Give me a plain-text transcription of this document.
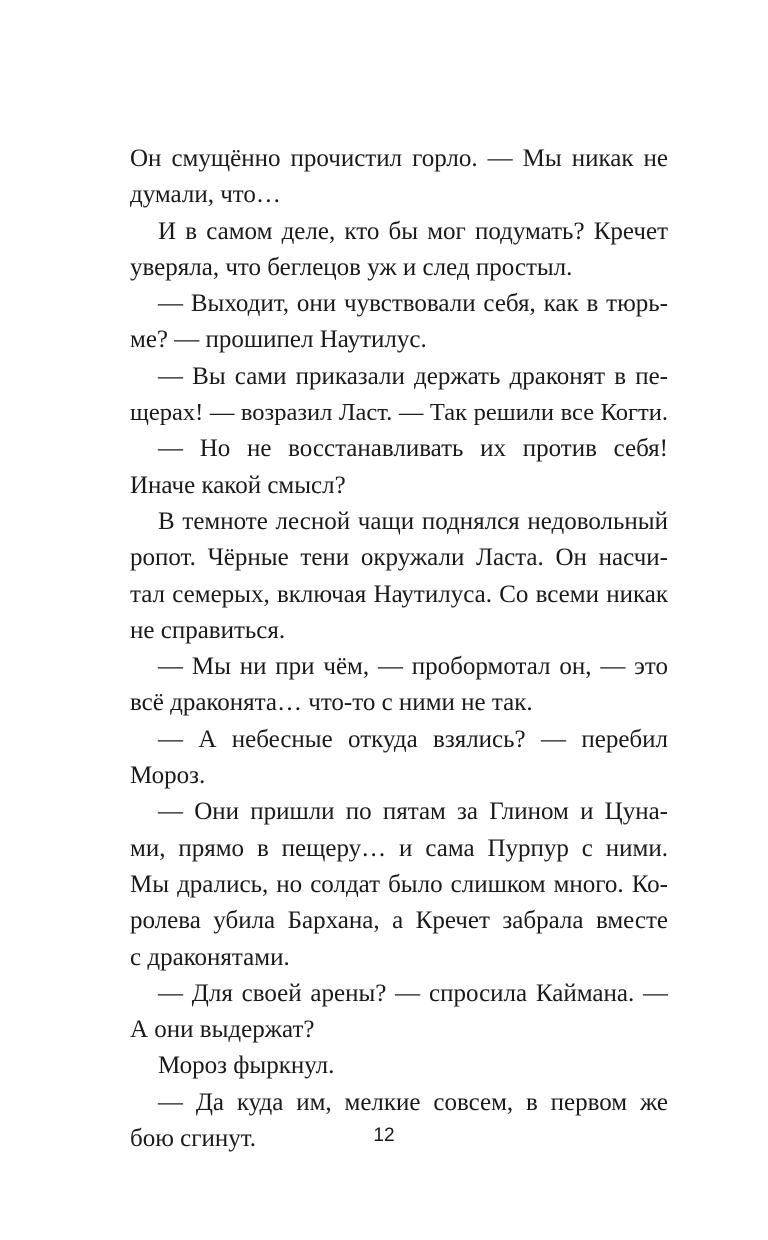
Он смущённо прочистил горло. — Мы никак не
думали, что…
И в самом деле, кто бы мог подумать? Кречет
уверяла, что беглецов уж и след простыл.
— Выходит, они чувствовали себя, как в тюрь-
ме? — прошипел Наутилус.
— Вы сами приказали держать драконят в пе-
щерах! — возразил Ласт. — Так решили все Когти.
— Но не восстанавливать их против себя!
Иначе какой смысл?
В темноте лесной чащи поднялся недовольный
ропот. Чёрные тени окружали Ласта. Он насчи-
тал семерых, включая Наутилуса. Со всеми никак
не справиться.
— Мы ни при чём, — пробормотал он, — это
всё драконята… что-то с ними не так.
— А небесные откуда взялись? — перебил
Мороз.
— Они пришли по пятам за Глином и Цуна-
ми, прямо в пещеру… и сама Пурпур с ними.
Мы дрались, но солдат было слишком много. Ко-
ролева убила Бархана, а Кречет забрала вместе
с драконятами.
— Для своей арены? — спросила Каймана. —
А они выдержат?
Мороз фыркнул.
— Да куда им, мелкие совсем, в первом же
бою сгинут.	12
